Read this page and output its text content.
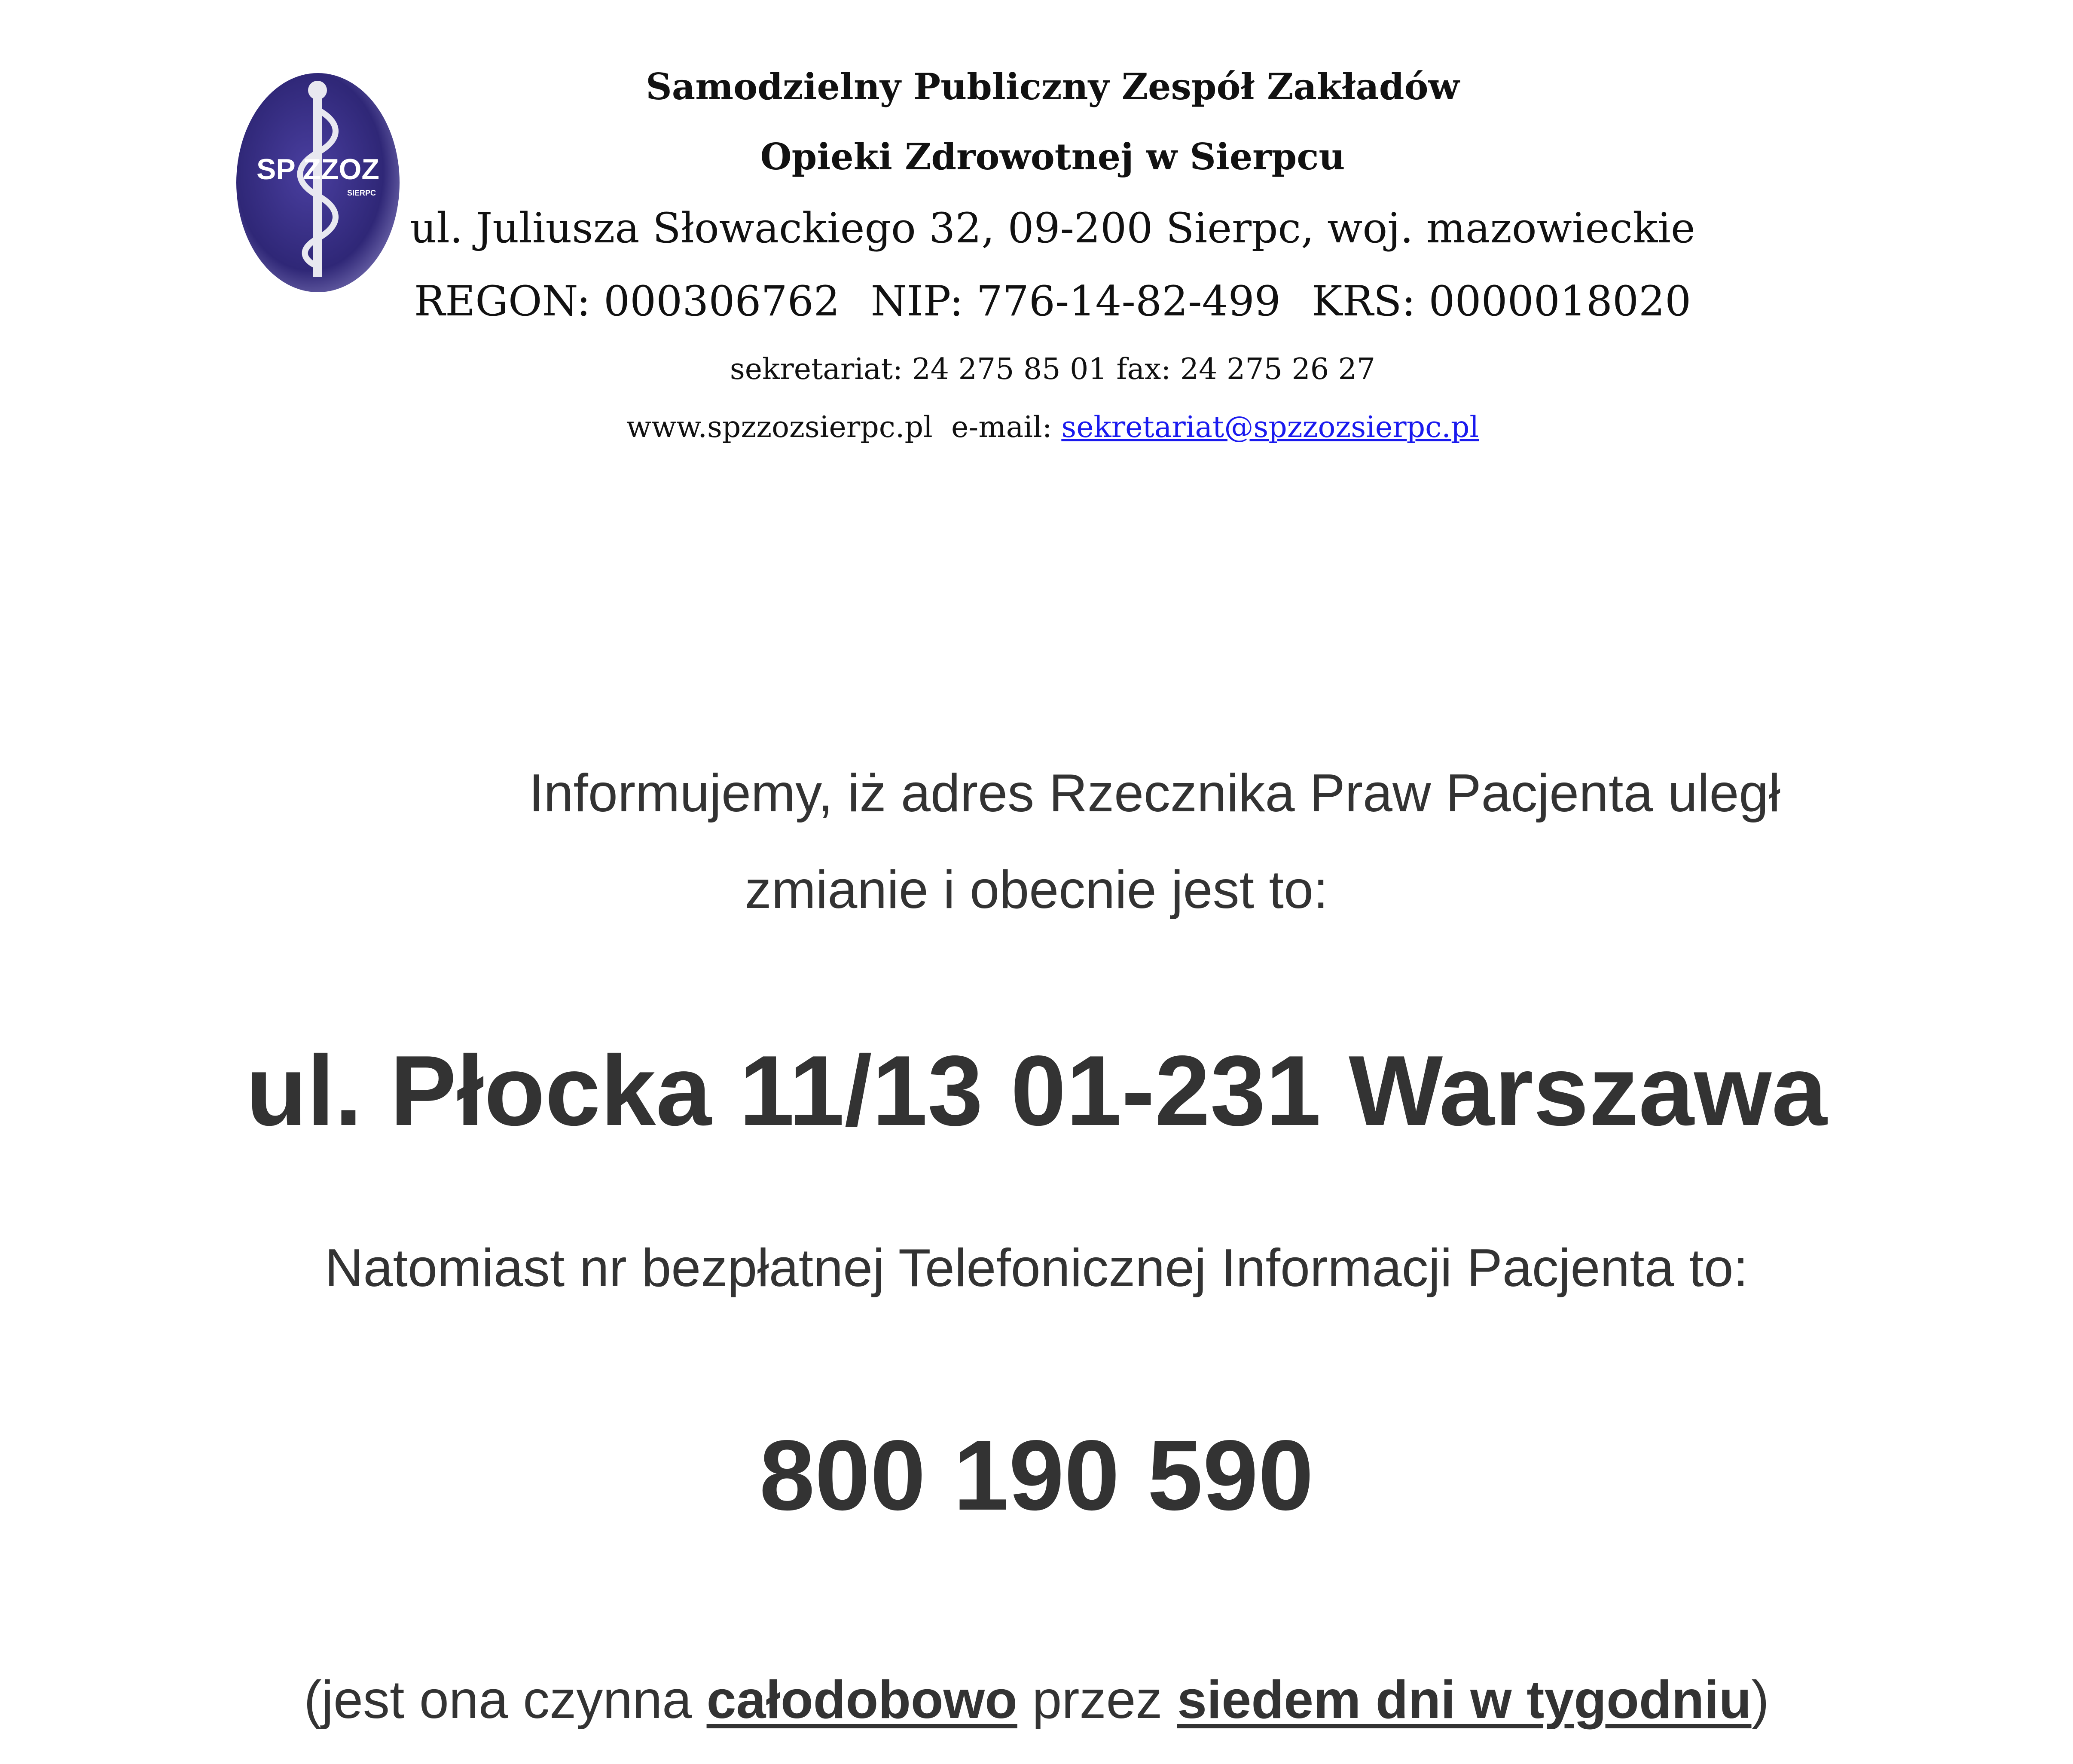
SP ZZOZ
SIERPC
Samodzielny Publiczny Zespół Zakładów
Opieki Zdrowotnej w Sierpcu
ul. Juliusza Słowackiego 32, 09-200 Sierpc, woj. mazowieckie
REGON: 000306762 NIP: 776-14-82-499 KRS: 0000018020
sekretariat: 24 275 85 01 fax: 24 275 26 27
www.spzzozsierpc.pl e-mail: sekretariat@spzzozsierpc.pl
Informujemy, iż adres Rzecznika Praw Pacjenta uległ
zmianie i obecnie jest to:
ul. Płocka 11/13 01-231 Warszawa
Natomiast nr bezpłatnej Telefonicznej Informacji Pacjenta to:
800 190 590
(jest ona czynna całodobowo przez siedem dni w tygodniu)
